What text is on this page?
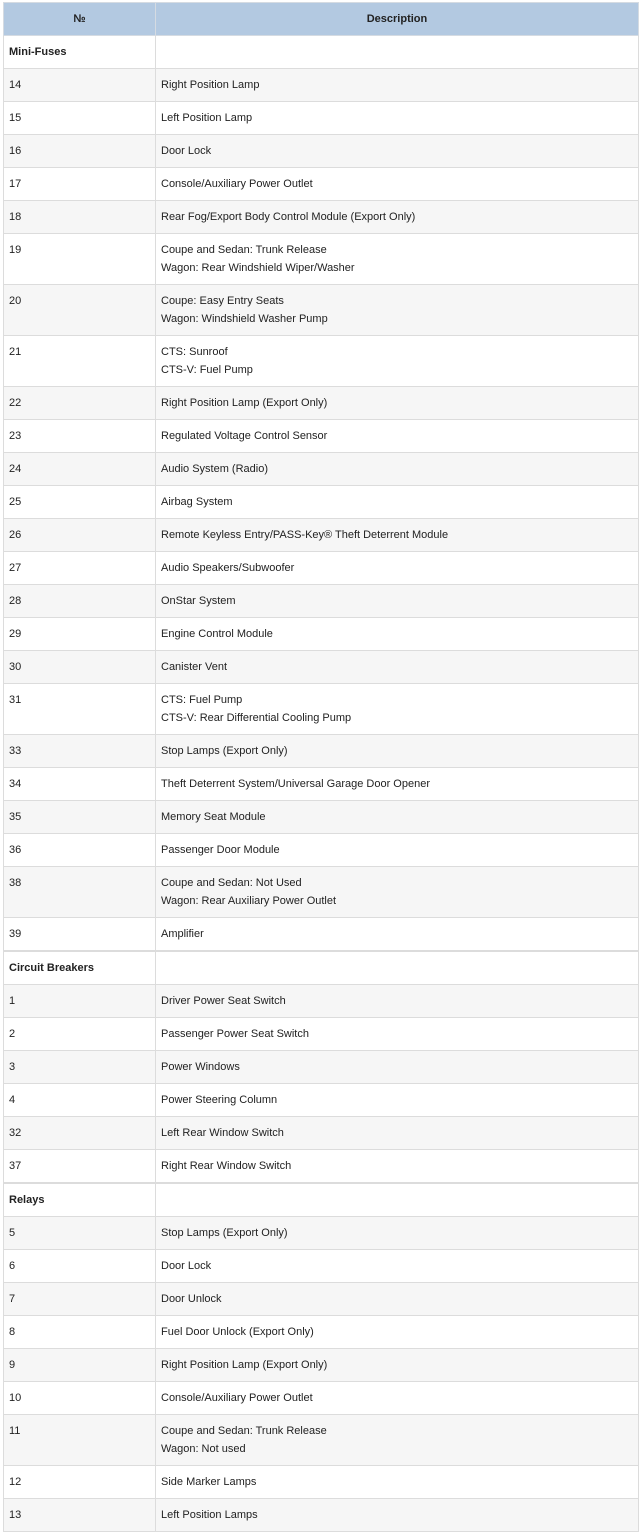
№	Description
Mini-Fuses	
14	Right Position Lamp

15	Left Position Lamp

16	Door Lock

17	Console/Auxiliary Power Outlet

18	Rear Fog/Export Body Control Module (Export Only)

19	Coupe and Sedan: Trunk Release
Wagon: Rear Windshield Wiper/Washer

20	Coupe: Easy Entry Seats
Wagon: Windshield Washer Pump

21	CTS: Sunroof
CTS-V: Fuel Pump

22	Right Position Lamp (Export Only)

23	Regulated Voltage Control Sensor

24	Audio System (Radio)

25	Airbag System

26	Remote Keyless Entry/PASS-Key® Theft Deterrent Module

27	Audio Speakers/Subwoofer

28	OnStar System

29	Engine Control Module

30	Canister Vent

31	CTS: Fuel Pump
CTS-V: Rear Differential Cooling Pump

33	Stop Lamps (Export Only)

34	Theft Deterrent System/Universal Garage Door Opener

35	Memory Seat Module

36	Passenger Door Module

38	Coupe and Sedan: Not Used
Wagon: Rear Auxiliary Power Outlet

39	Amplifier

Circuit Breakers	
1	Driver Power Seat Switch

2	Passenger Power Seat Switch

3	Power Windows

4	Power Steering Column

32	Left Rear Window Switch

37	Right Rear Window Switch

Relays	
5	Stop Lamps (Export Only)

6	Door Lock

7	Door Unlock

8	Fuel Door Unlock (Export Only)

9	Right Position Lamp (Export Only)

10	Console/Auxiliary Power Outlet

11	Coupe and Sedan: Trunk Release
Wagon: Not used

12	Side Marker Lamps

13	Left Position Lamps
